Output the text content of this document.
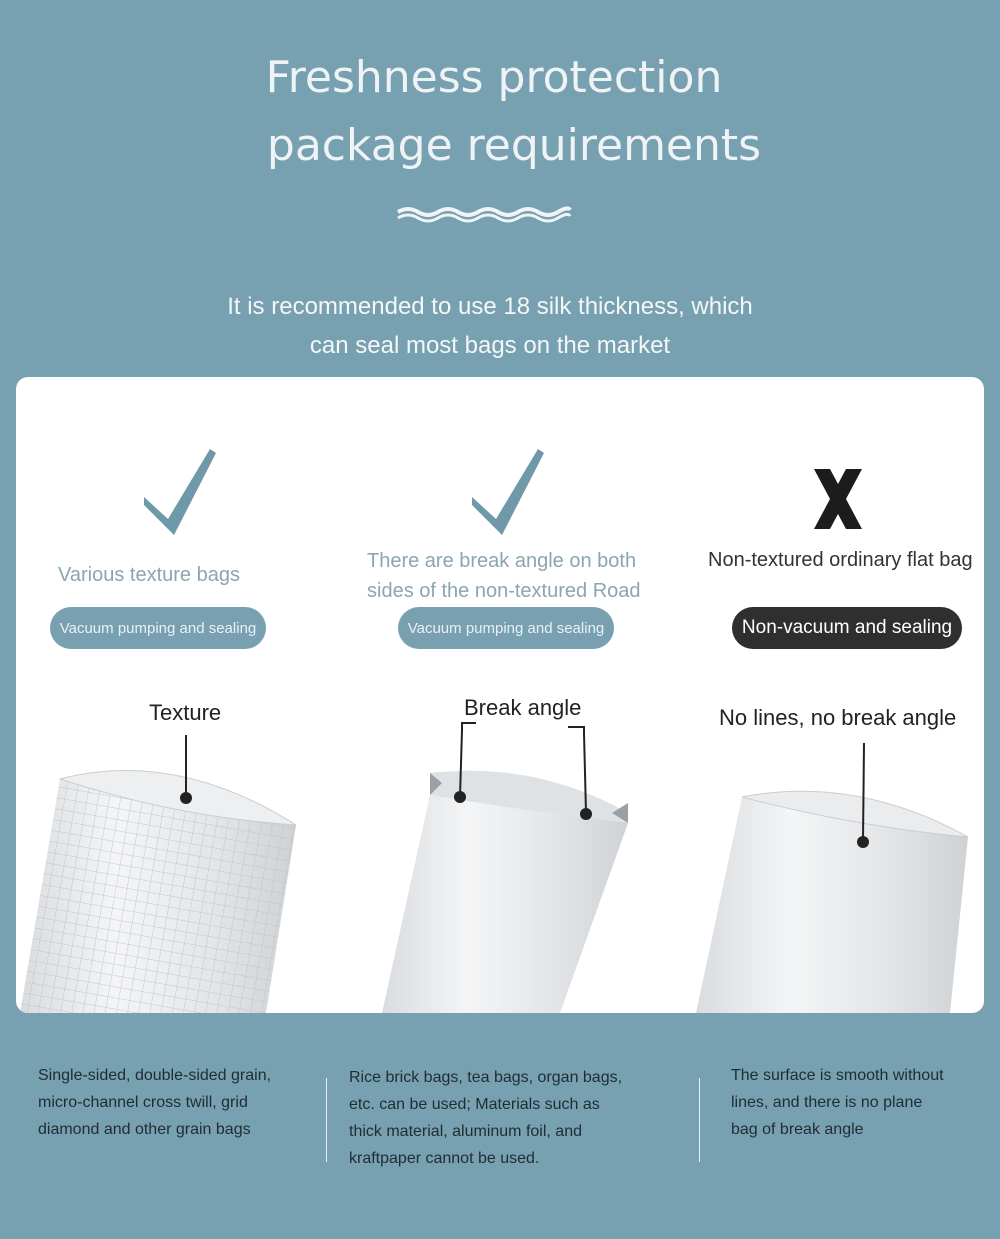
Freshness protection
package requirements
It is recommended to use 18 silk thickness, which
can seal most bags on the market
Various texture bags
There are break angle on both
sides of the non-textured Road
Non-textured ordinary flat bag
Vacuum pumping and sealing	Vacuum pumping and sealing	Non-vacuum and sealing
Texture	Break angle	No lines, no break angle
Single-sided, double-sided grain,
micro-channel cross twill, grid
diamond and other grain bags
Rice brick bags, tea bags, organ bags,
etc. can be used; Materials such as
thick material, aluminum foil, and
kraftpaper cannot be used.
The surface is smooth without
lines, and there is no plane
bag of break angle
